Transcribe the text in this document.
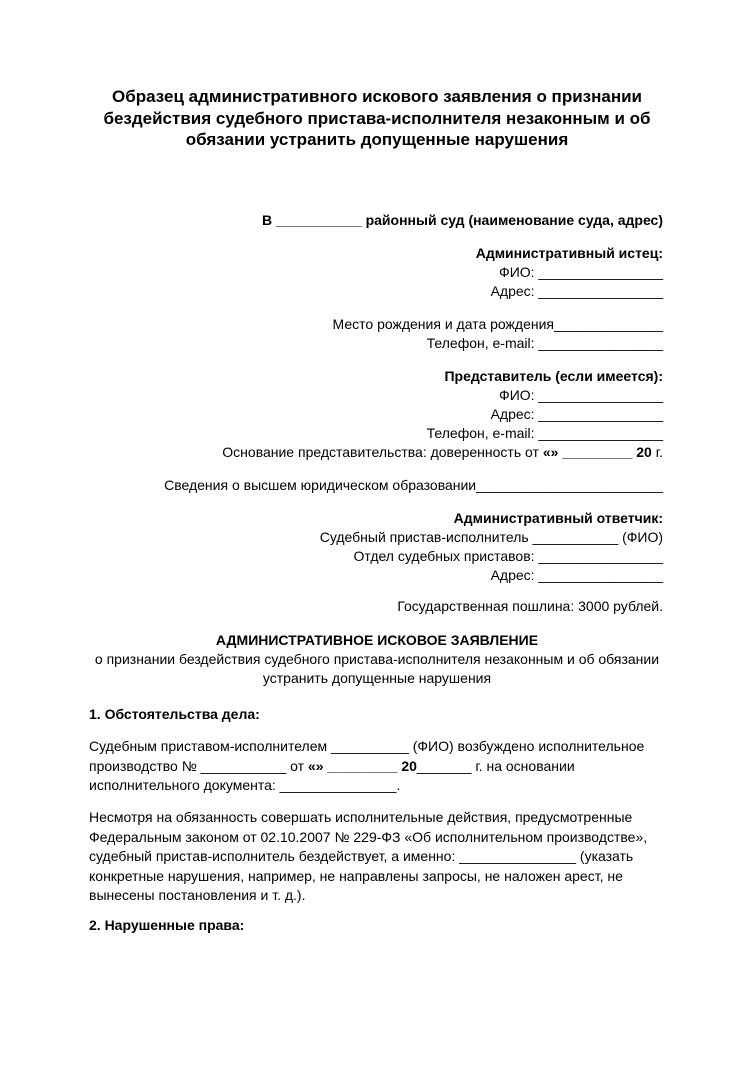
Образец административного искового заявления о признании
бездействия судебного пристава-исполнителя незаконным и об
обязании устранить допущенные нарушения
В ___________ районный суд (наименование суда, адрес)
Административный истец:
ФИО: ________________
Адрес: ________________
Место рождения и дата рождения______________
Телефон, e-mail: ________________
Представитель (если имеется):
ФИО: ________________
Адрес: ________________
Телефон, e-mail: ________________
Основание представительства: доверенность от «» _________ 20 г.
Сведения о высшем юридическом образовании________________________
Административный ответчик:
Судебный пристав-исполнитель ___________ (ФИО)
Отдел судебных приставов: ________________
Адрес: ________________
Государственная пошлина: 3000 рублей.
АДМИНИСТРАТИВНОЕ ИСКОВОЕ ЗАЯВЛЕНИЕ
о признании бездействия судебного пристава-исполнителя незаконным и об обязании
устранить допущенные нарушения
1. Обстоятельства дела:
Судебным приставом-исполнителем __________ (ФИО) возбуждено исполнительное
производство № ___________ от «» _________ 20_______ г. на основании
исполнительного документа: _______________.
Несмотря на обязанность совершать исполнительные действия, предусмотренные
Федеральным законом от 02.10.2007 № 229-ФЗ «Об исполнительном производстве»,
судебный пристав-исполнитель бездействует, а именно: _______________ (указать
конкретные нарушения, например, не направлены запросы, не наложен арест, не
вынесены постановления и т. д.).
2. Нарушенные права:
